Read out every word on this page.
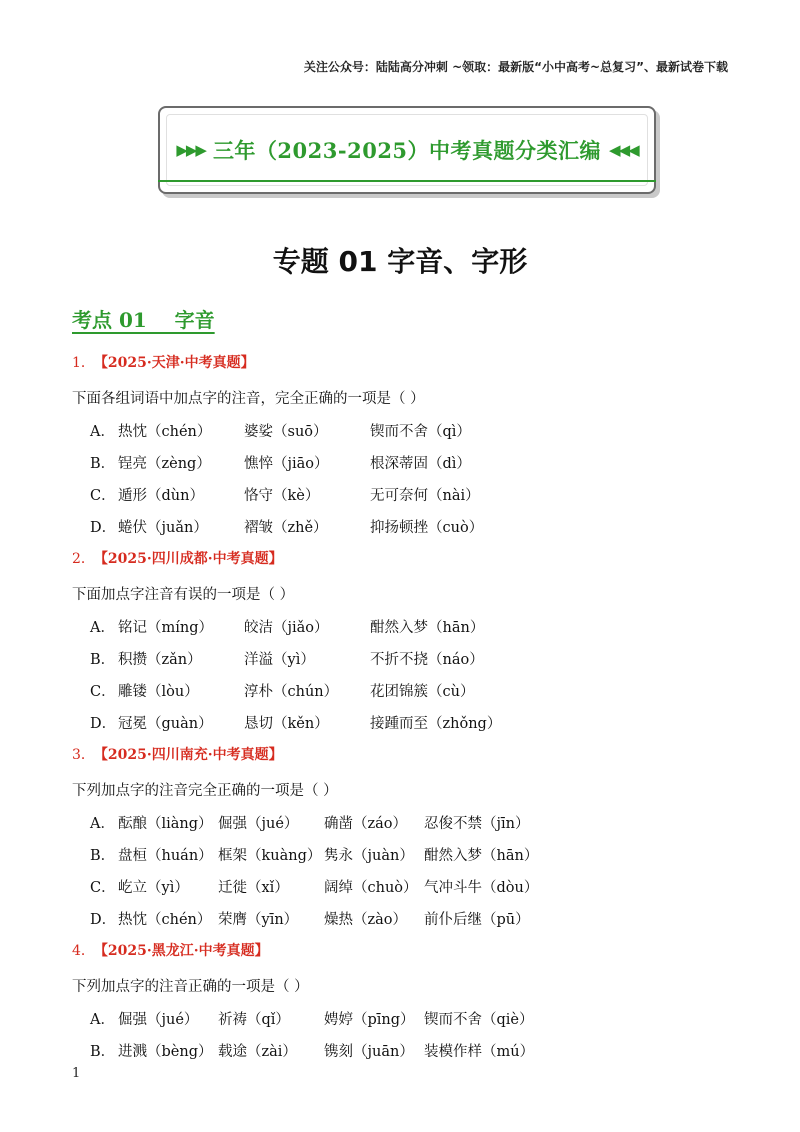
关注公众号：陆陆高分冲刺 ~领取：最新版“小中高考~总复习”、最新试卷下载
▶▶▶ 三年（2023-2025）中考真题分类汇编 ◀◀◀
专题 01 字音、字形
考点 01    字音
1． 【2025·天津·中考真题】
下面各组词语中加点字的注音，完全正确的一项是（ ）
A． 热忱（chén） 婆娑（suō）	锲而不舍（qì）
B． 锃亮（zèng） 憔悴（jiāo）	根深蒂固（dì）
C． 遁形（dùn）	恪守（kè）	无可奈何（nài）
D． 蜷伏（juǎn） 褶皱（zhě）	抑扬顿挫（cuò）
2． 【2025·四川成都·中考真题】
下面加点字注音有误的一项是（ ）
A． 铭记（míng） 皎洁（jiǎo）	酣然入梦（hān）
B． 积攒（zǎn）	洋溢（yì）	不折不挠（náo）
C． 雕镂（lòu）	淳朴（chún） 花团锦簇（cù）
D． 冠冕（guàn） 恳切（kěn）	接踵而至（zhǒng）
3． 【2025·四川南充·中考真题】
下列加点字的注音完全正确的一项是（ ）
A． 酝酿（liàng） 倔强（jué） 确凿（záo） 忍俊不禁（jīn）
B． 盘桓（huán） 框架（kuàng） 隽永（juàn） 酣然入梦（hān）
C． 屹立（yì） 迁徙（xǐ） 阔绰（chuò） 气冲斗牛（dòu）
D． 热忱（chén） 荣膺（yīn） 燥热（zào） 前仆后继（pū）
4． 【2025·黑龙江·中考真题】
下列加点字的注音正确的一项是（ ）
A． 倔强（jué） 祈祷（qǐ） 娉婷（pīng） 锲而不舍（qiè）
B． 进溅（bèng） 载途（zài） 镌刻（juān） 装模作样（mú）
1
